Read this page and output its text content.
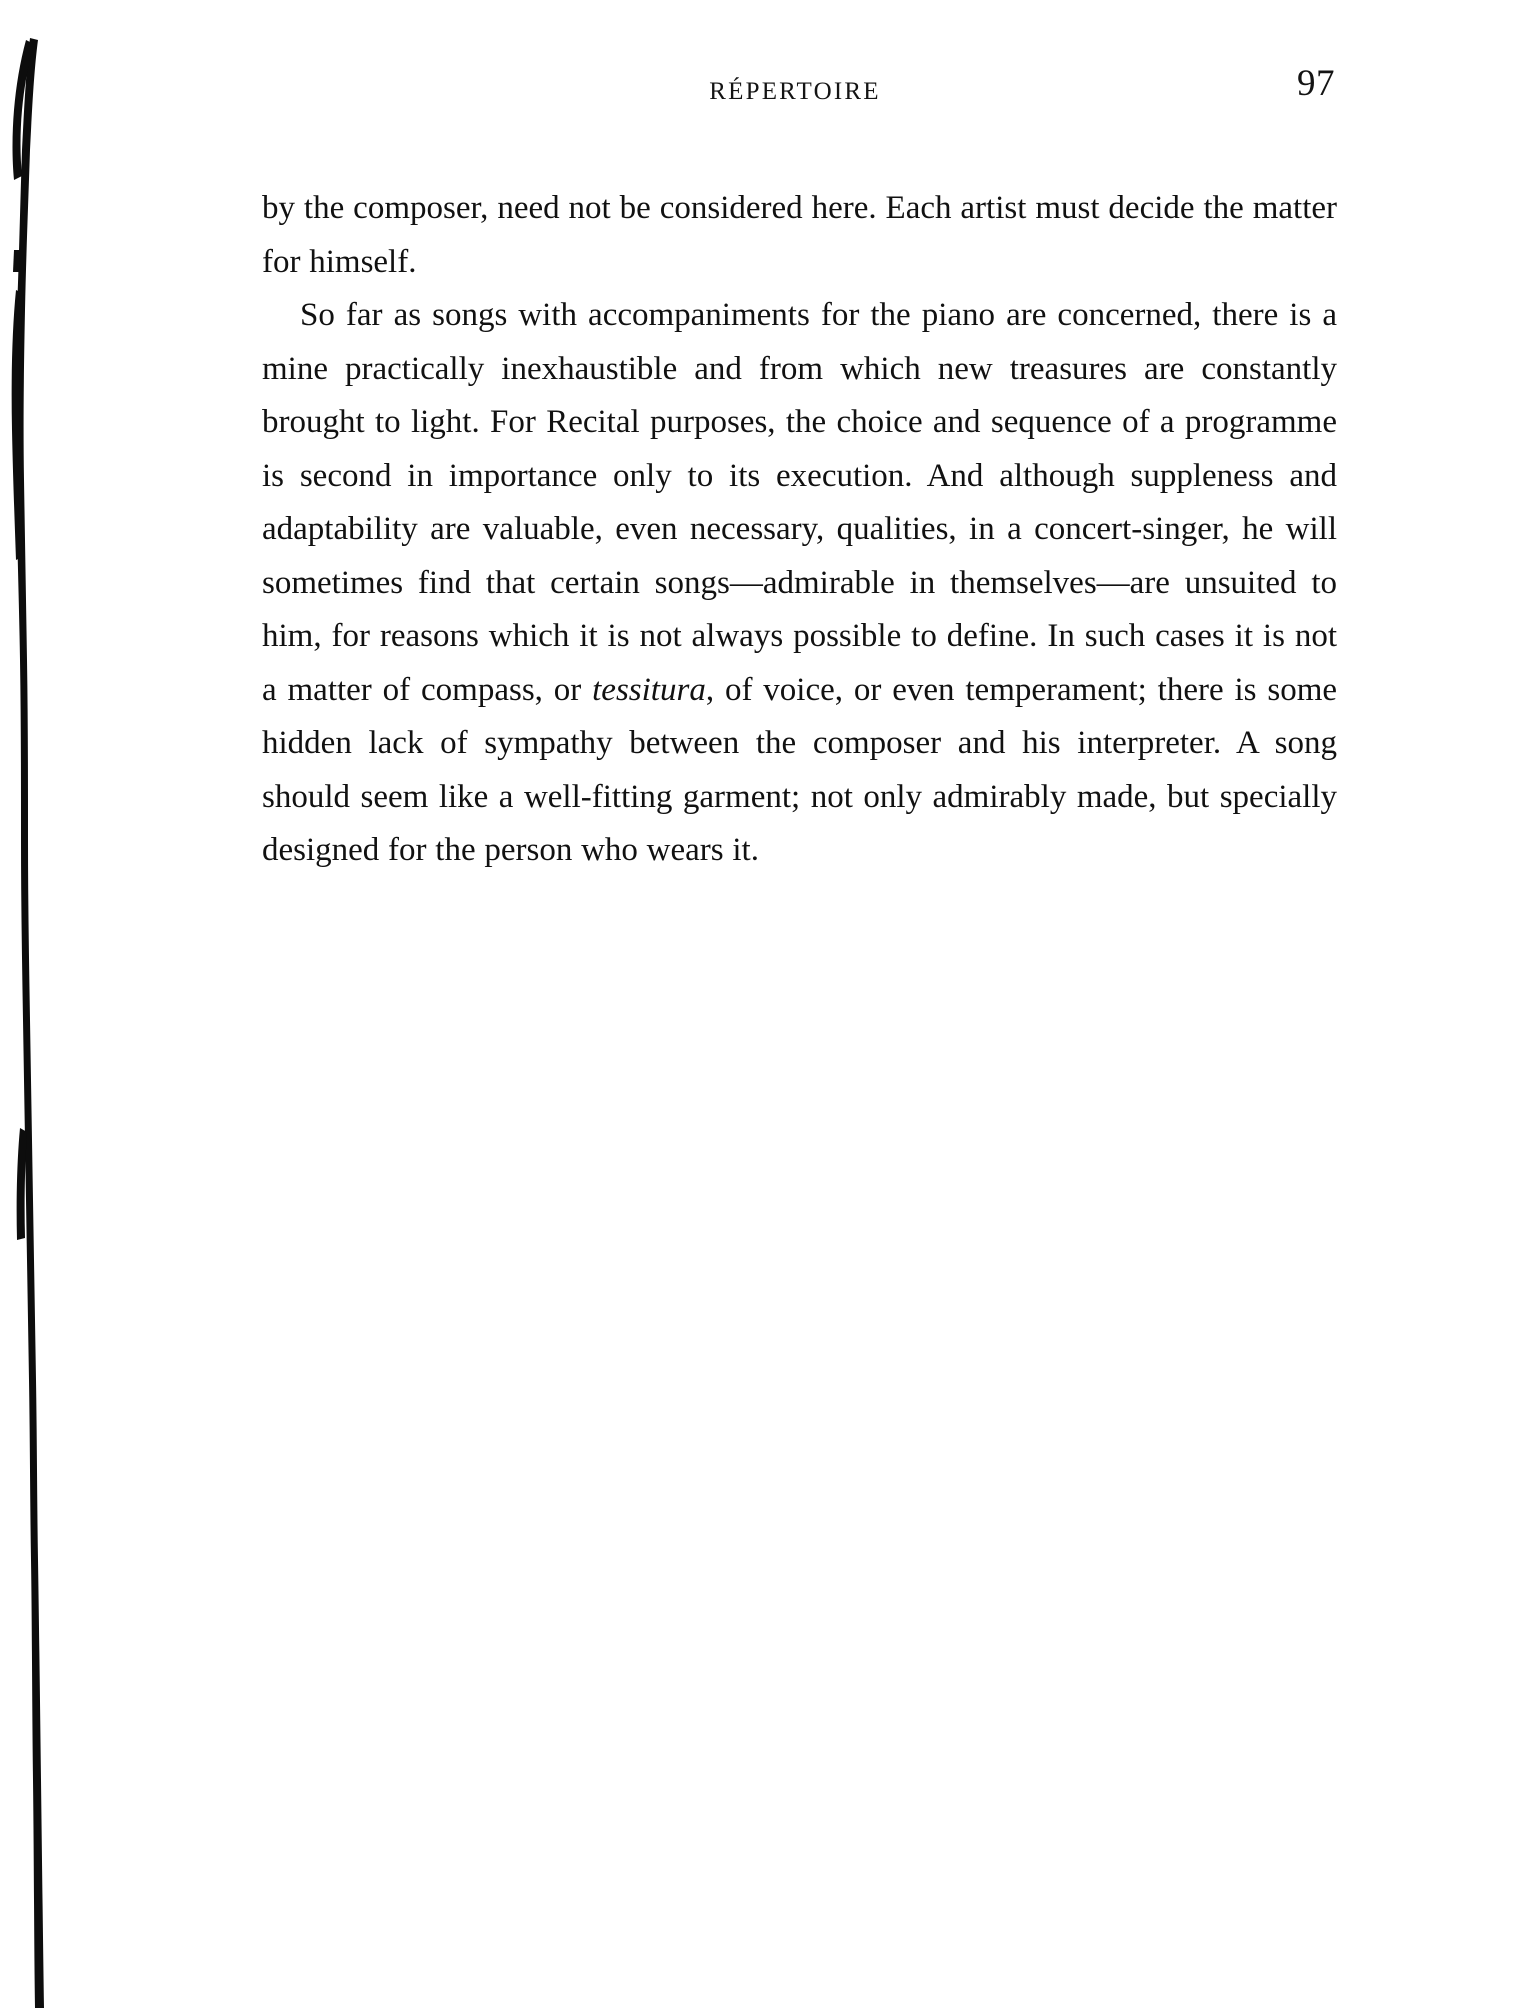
RÉPERTOIRE	97

by the composer, need not be considered here. Each artist must decide the matter for himself.

So far as songs with accompaniments for the piano are concerned, there is a mine practically inexhaustible and from which new treasures are constantly brought to light. For Recital purposes, the choice and sequence of a programme is second in importance only to its execution. And although suppleness and adaptability are valuable, even necessary, qualities, in a concert-singer, he will sometimes find that certain songs—admirable in themselves—are unsuited to him, for reasons which it is not always possible to define. In such cases it is not a matter of compass, or tessitura, of voice, or even temperament; there is some hidden lack of sympathy between the composer and his interpreter. A song should seem like a well-fitting garment; not only admirably made, but specially designed for the person who wears it.
